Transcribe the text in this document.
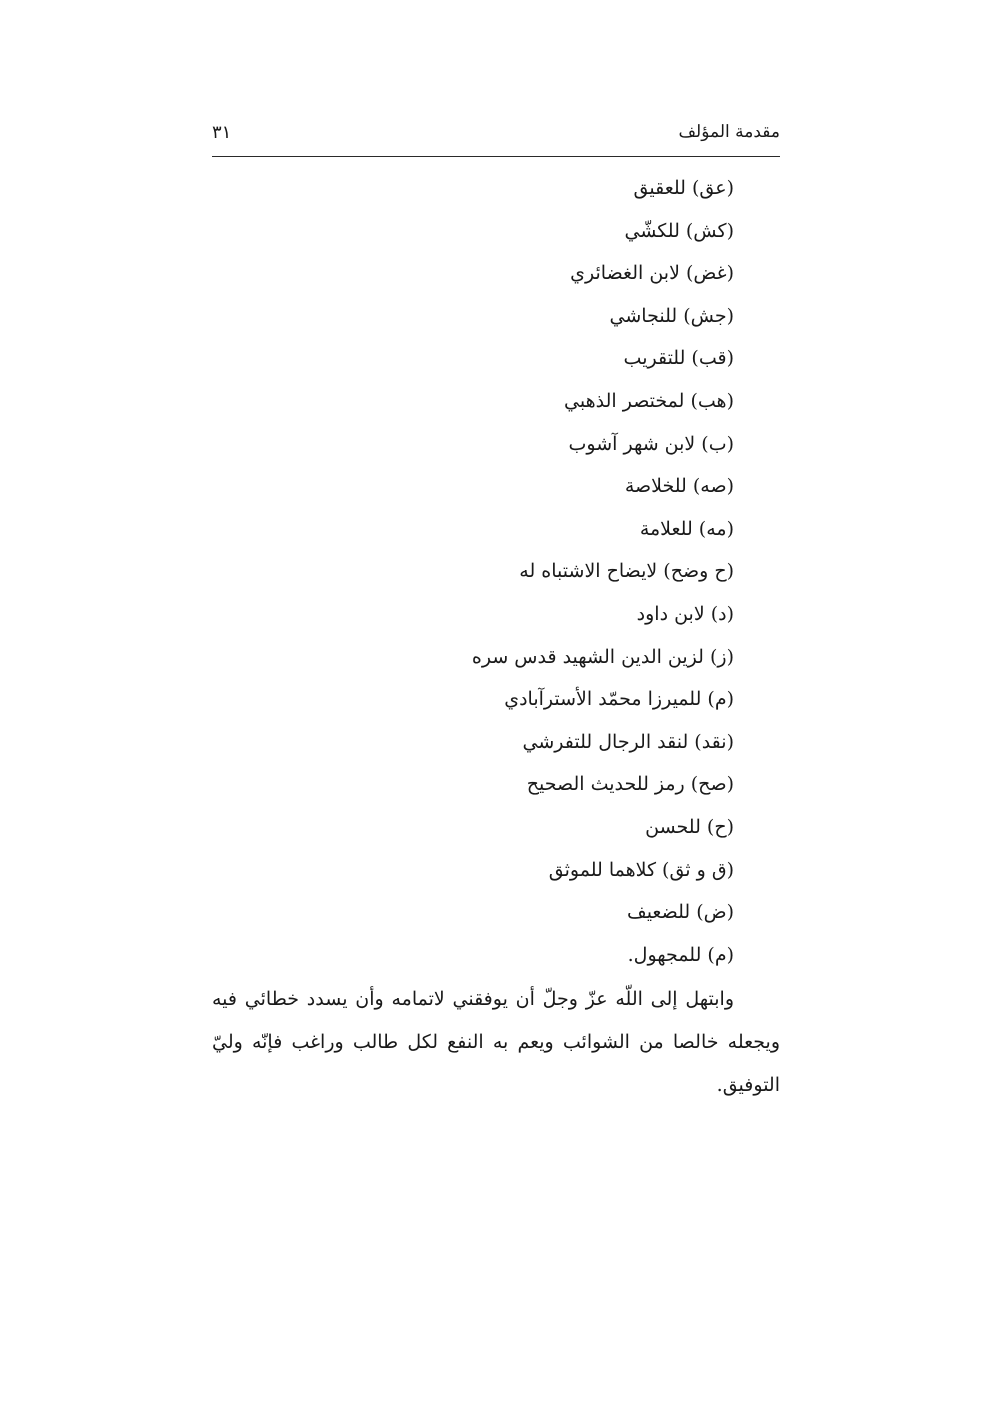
مقدمة المؤلف
٣١
(عق) للعقيق
(كش) للكشّي
(غض) لابن الغضائري
(جش) للنجاشي
(قب) للتقريب
(هب) لمختصر الذهبي
(ب) لابن شهر آشوب
(صه) للخلاصة
(مه) للعلامة
(ح وضح) لايضاح الاشتباه له
(د) لابن داود
(ز) لزين الدين الشهيد قدس سره
(م) للميرزا محمّد الأسترآبادي
(نقد) لنقد الرجال للتفرشي
(صح) رمز للحديث الصحيح
(ح) للحسن
(ق و ثق) كلاهما للموثق
(ض) للضعيف
(م) للمجهول.

وابتهل إلى اللّه عزّ وجلّ أن يوفقني لاتمامه وأن يسدد خطائي فيه ويجعله خالصا من الشوائب ويعم به النفع لكل طالب وراغب فإنّه وليّ التوفيق.
